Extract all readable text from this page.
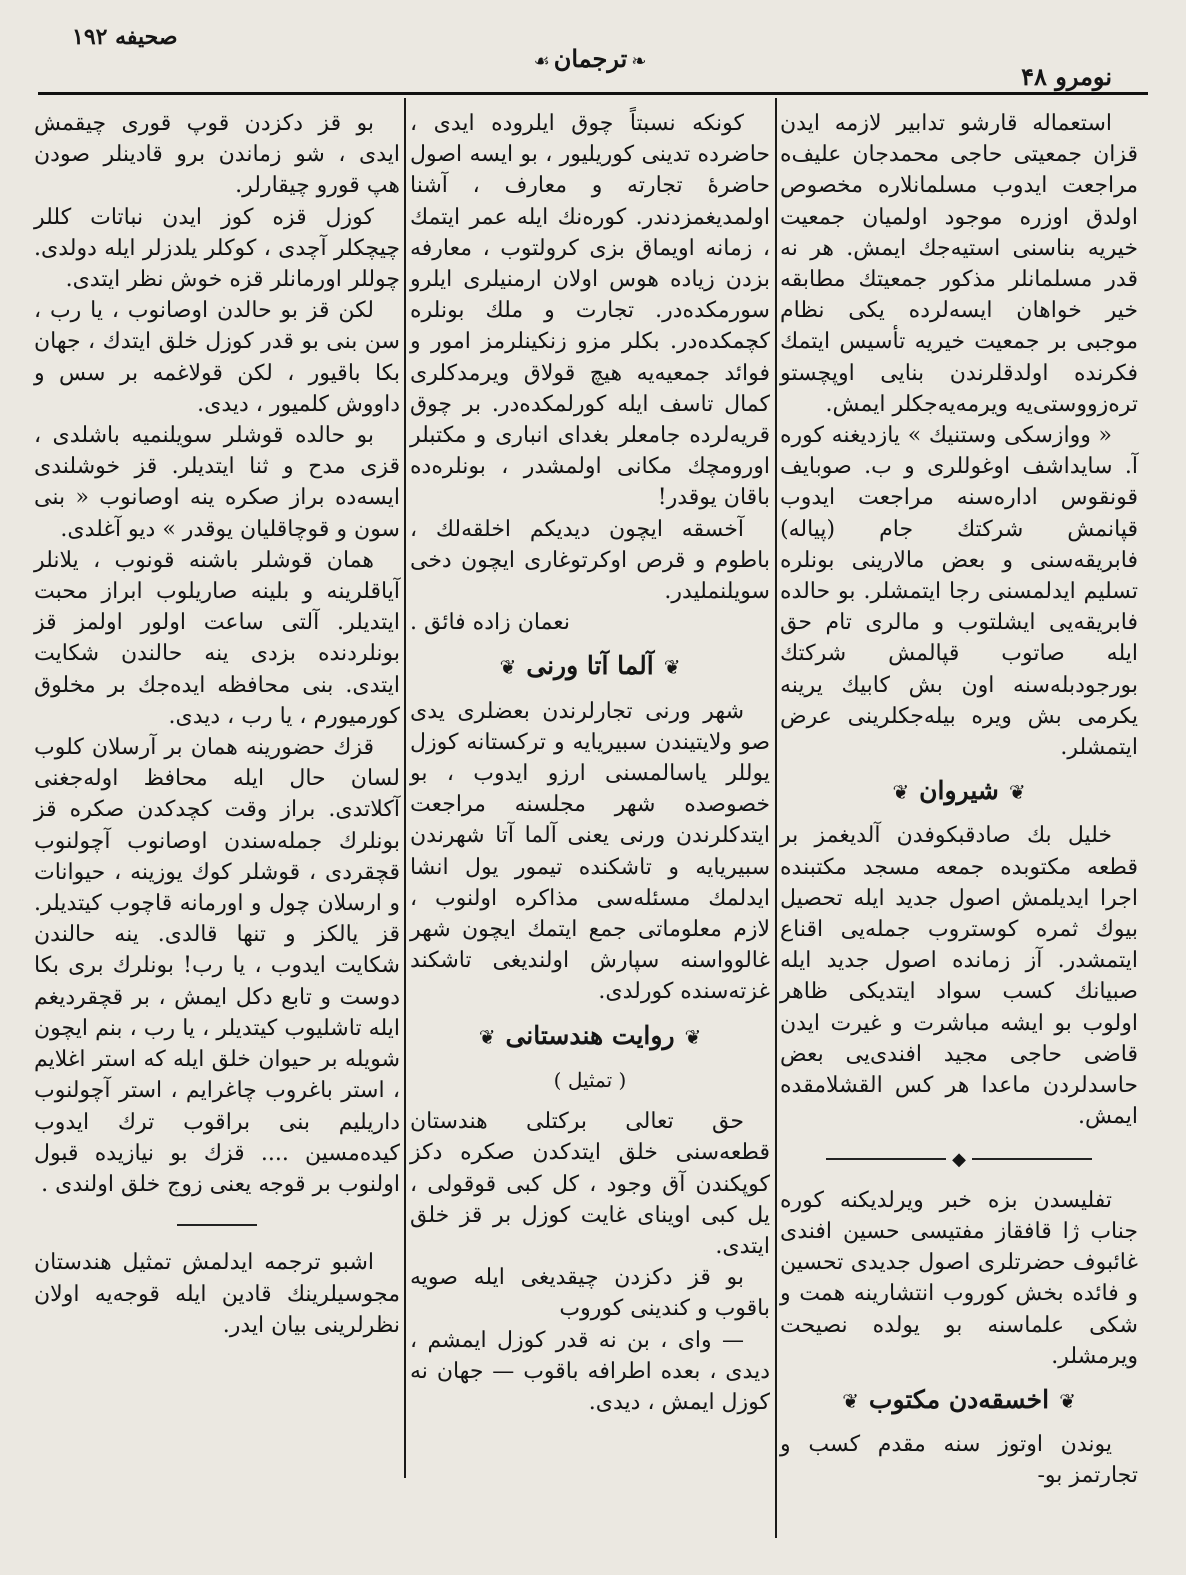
صحیفه ۱۹۲
❧ترجمان☙
نومرو ۴۸

استعماله قارشو تدابیر لازمه ایدن قزان جمعیتی حاجی محمدجان علیف‌ه مراجعت ایدوب مسلمانلاره مخصوص اولدق اوزره موجود اولمیان جمعیت خیریه بناسنی استیه‌جك ایمش. هر نه قدر مسلمانلر مذکور جمعیتك مطابقه خیر خواهان ایسه‌لرده یکی نظام موجبی بر جمعیت خیریه تأسیس ایتمك فکرنده اولدقلرندن بنایی اوپچستو ترەزووستی‌یه ویرمه‌یه‌جکلر ایمش.

« ووازسکی وستنیك » یازدیغنه کوره آ. سایداشف اوغوللری و ب. صوبایف قونقوس ادارەسنه مراجعت ایدوب قپانمش شرکتك جام (پیاله) فابریقه‌سنی و بعض مالارینی بونلره تسلیم ایدلمسنی رجا ایتمشلر. بو حالده فابریقه‌یی ایشلتوب و مالری تام حق ایله صاتوب قپالمش شرکتك بورجودبله‌سنه اون بش کابیك یرینه یکرمی بش ویره بیله‌جکلرینی عرض ایتمشلر.

❦شیروان❦

خلیل بك صادقبکوفدن آلدیغمز بر قطعه مکتوبده جمعه مسجد مکتبنده اجرا ایدیلمش اصول جدید ایله تحصیل بیوك ثمره کوستروب جمله‌یی اقناع ایتمشدر. آز زمانده اصول جدید ایله صبیانك کسب سواد ایتدیکی ظاهر اولوب بو ایشه مباشرت و غیرت ایدن قاضی حاجی مجید افندی‌یی بعض حاسدلردن ماعدا هر کس القشلامقده ایمش.

◆

تفلیسدن بزه خبر ویرلدیکنه کوره جناب ژا قافقاز مفتیسی حسین افندی غائبوف حضرتلری اصول جدیدی تحسین و فائده بخش کوروب انتشارینه همت و شکی علماسنه بو یولده نصیحت ویرمشلر.

❦اخسقه‌دن مکتوب❦

یوندن اوتوز سنه مقدم کسب و تجارتمز بو-

کونکه نسبتاً چوق ایلروده ایدی ، حاضرده تدینی کوریلیور ، بو ایسه اصول حاضرهٔ تجارته و معارف ، آشنا اولمدیغمزدندر. کورەنك ایله عمر ایتمك ، زمانه اویماق بزی کرولتوب ، معارفه بزدن زیاده هوس اولان ارمنیلری ایلرو سورمکده‌در. تجارت و ملك بونلره کچمکده‌در. بکلر مزو زنکینلرمز امور و فوائد جمعیه‌یه هیچ قولاق ویرمدکلری کمال تاسف ایله کورلمکده‌در. بر چوق قریه‌لرده جامعلر بغدای انباری و مکتبلر اورومچك مکانی اولمشدر ، بونلره‌ده باقان یوقدر!

آخسقه ایچون دیدیکم اخلقه‌لك ، باطوم و قرص اوکرتوغاری ایچون دخی سویلنملیدر.

نعمان زاده فائق .

❦آلما آتا ورنی❦

شهر ورنی تجارلرندن بعضلری یدی صو ولایتیندن سبیریایه و ترکستانه کوزل یوللر یاسالمسنی ارزو ایدوب ، بو خصوصده شهر مجلسنه مراجعت ایتدکلرندن ورنی یعنی آلما آتا شهرندن سبیریایه و تاشکنده تیمور یول انشا ایدلمك مسئله‌سی مذاکره اولنوب ، لازم معلوماتی جمع ایتمك ایچون شهر غالوواسنه سپارش اولندیغی تاشکند غزته‌سنده کورلدی.

❦روایت هندستانی❦
( تمثیل )

حق تعالی برکتلی هندستان قطعه‌سنی خلق ایتدکدن صکره دکز کوپکندن آق وجود ، کل کبی قوقولی ، یل کبی اوینای غایت کوزل بر قز خلق ایتدی.

بو قز دکزدن چیقدیغی ایله صویه باقوب و کندینی کوروب

— وای ، بن نه قدر کوزل ایمشم ، دیدی ، بعده اطرافه باقوب — جهان نه کوزل ایمش ، دیدی.

بو قز دکزدن قوپ قوری چیقمش ایدی ، شو زماندن برو قادینلر صودن هپ قورو چیقارلر.

کوزل قزه کوز ایدن نباتات کللر چیچکلر آچدی ، کوکلر یلدزلر ایله دولدی. چوللر اورمانلر قزه خوش نظر ایتدی.

لکن قز بو حالدن اوصانوب ، یا رب ، سن بنی بو قدر کوزل خلق ایتدك ، جهان بکا باقیور ، لکن قولاغمه بر سس و داووش کلمیور ، دیدی.

بو حالده قوشلر سویلنمیه باشلدی ، قزی مدح و ثنا ایتدیلر. قز خوشلندی ایسه‌ده براز صکره ینه اوصانوب « بنی سون و قوچاقلیان یوقدر » دیو آغلدی.

همان قوشلر باشنه قونوب ، یلانلر آیاقلرینه و بلینه صاریلوب ابراز محبت ایتدیلر. آلتی ساعت اولور اولمز قز بونلردنده بزدی ینه حالندن شکایت ایتدی. بنی محافظه ایده‌جك بر مخلوق کورمیورم ، یا رب ، دیدی.

قزك حضورینه همان بر آرسلان کلوب لسان حال ایله محافظ اوله‌جغنی آکلاتدی. براز وقت کچدکدن صکره قز بونلرك جمله‌سندن اوصانوب آچولنوب قچقردی ، قوشلر کوك یوزینه ، حیوانات و ارسلان چول و اورمانه قاچوب کیتدیلر. قز یالکز و تنها قالدی. ینه حالندن شکایت ایدوب ، یا رب! بونلرك بری بکا دوست و تابع دکل ایمش ، بر قچقردیغم ایله تاشلیوب کیتدیلر ، یا رب ، بنم ایچون شویله بر حیوان خلق ایله که استر اغلایم ، استر باغروب چاغرایم ، استر آچولنوب داریلیم بنی براقوب ترك ایدوب کیده‌مسین .... قزك بو نیازیده قبول اولنوب بر قوجه یعنی زوج خلق اولندی .

اشبو ترجمه ایدلمش تمثیل هندستان مجوسیلرینك قادین ایله قوجه‌یه اولان نظرلرینی بیان ایدر.
